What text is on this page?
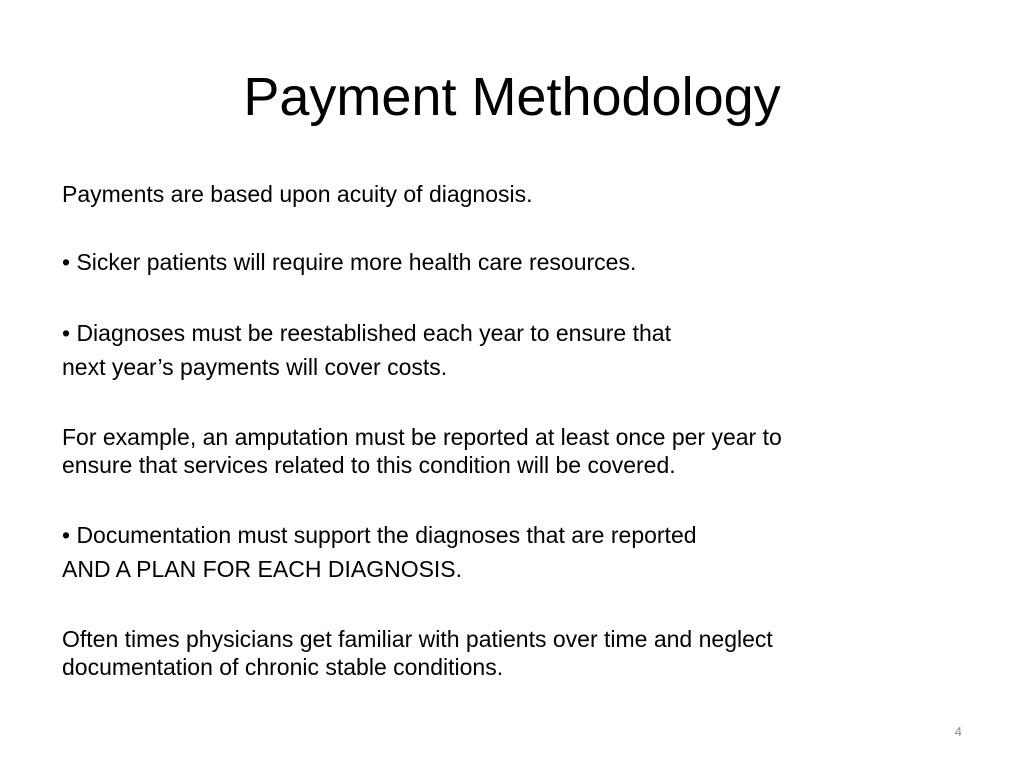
Payment Methodology

Payments are based upon acuity of diagnosis.

• Sicker patients will require more health care resources.

• Diagnoses must be reestablished each year to ensure that
next year’s payments will cover costs.

For example, an amputation must be reported at least once per year to
ensure that services related to this condition will be covered.

• Documentation must support the diagnoses that are reported
AND A PLAN FOR EACH DIAGNOSIS.

Often times physicians get familiar with patients over time and neglect
documentation of chronic stable conditions.

4
